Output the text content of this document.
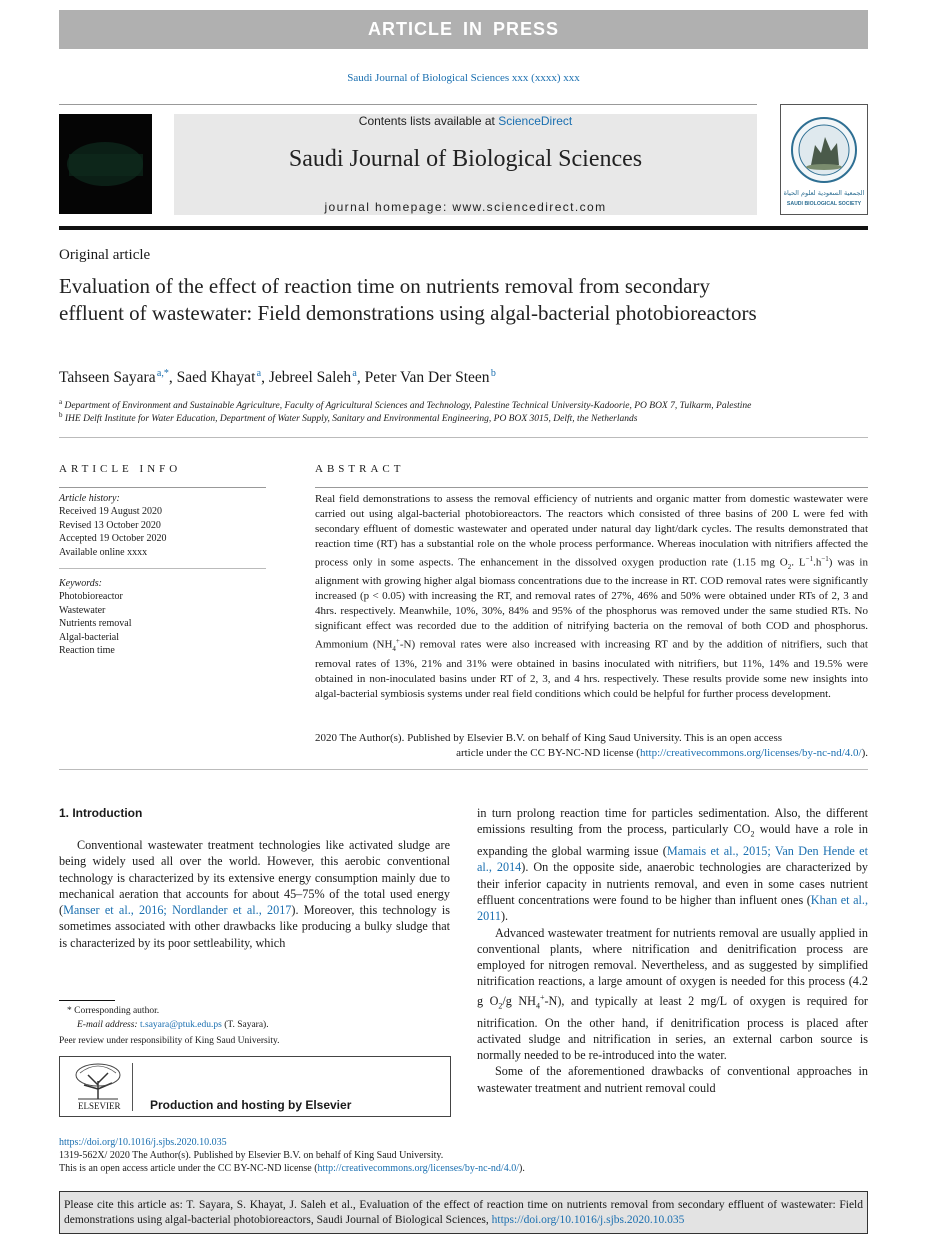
ARTICLE IN PRESS
Saudi Journal of Biological Sciences xxx (xxxx) xxx
Contents lists available at ScienceDirect
Saudi Journal of Biological Sciences
journal homepage: www.sciencedirect.com
الجمعية السعودية لعلوم الحياة
SAUDI BIOLOGICAL SOCIETY
Original article
Evaluation of the effect of reaction time on nutrients removal from secondary effluent of wastewater: Field demonstrations using algal-bacterial photobioreactors
Tahseen Sayara $^{a,*}$, Saed Khayat $^a$, Jebreel Saleh $^a$, Peter Van Der Steen $^b$
$^a$ Department of Environment and Sustainable Agriculture, Faculty of Agricultural Sciences and Technology, Palestine Technical University-Kadoorie, PO BOX 7, Tulkarm, Palestine
$^b$ IHE Delft Institute for Water Education, Department of Water Supply, Sanitary and Environmental Engineering, PO BOX 3015, Delft, the Netherlands
ARTICLE INFO	ABSTRACT
Article history:
Received 19 August 2020
Revised 13 October 2020
Accepted 19 October 2020
Available online xxxx
Keywords:
Photobioreactor
Wastewater
Nutrients removal
Algal-bacterial
Reaction time
Real field demonstrations to assess the removal efficiency of nutrients and organic matter from domestic wastewater were carried out using algal-bacterial photobioreactors. The reactors which consisted of three basins of 200 L were fed with secondary effluent of domestic wastewater and operated under natural day light/dark cycles. The results demonstrated that reaction time (RT) has a substantial role on the whole process performance. Whereas inoculation with nitrifiers affected the process only in some aspects. The enhancement in the dissolved oxygen production rate (1.15 mg $O_2$. $L^{-1}.h^{-1}$) was in alignment with growing higher algal biomass concentrations due to the increase in RT. COD removal rates were significantly increased (p < 0.05) with increasing the RT, and removal rates of 27%, 46% and 50% were obtained under RTs of 2, 3 and 4hrs. respectively. Meanwhile, 10%, 30%, 84% and 95% of the phosphorus was removed under the same studied RTs. No significant effect was recorded due to the addition of nitrifying bacteria on the removal of both COD and phosphorus. Ammonium $(NH_4^+-N)$ removal rates were also increased with increasing RT and by the addition of nitrifiers, such that removal rates of 13%, 21% and 31% were obtained in basins inoculated with nitrifiers, but 11%, 14% and 19.5% were obtained in non-inoculated basins under RT of 2, 3, and 4 hrs. respectively. These results provide some new insights into algal-bacterial symbiosis systems under real field conditions which could be helpful for further process development.
2020 The Author(s). Published by Elsevier B.V. on behalf of King Saud University. This is an open access
article under the CC BY-NC-ND license (http://creativecommons.org/licenses/by-nc-nd/4.0/).
1. Introduction

Conventional wastewater treatment technologies like activated sludge are being widely used all over the world. However, this aerobic conventional technology is characterized by its extensive energy consumption mainly due to mechanical aeration that accounts for about 45–75% of the total used energy (Manser et al., 2016; Nordlander et al., 2017). Moreover, this technology is sometimes associated with other drawbacks like producing a bulky sludge that is characterized by its poor settleability, which

in turn prolong reaction time for particles sedimentation. Also, the different emissions resulting from the process, particularly $CO_2$ would have a role in expanding the global warming issue (Mamais et al., 2015; Van Den Hende et al., 2014). On the opposite side, anaerobic technologies are characterized by their inferior capacity in nutrients removal, and even in some cases nutrient effluent concentrations were found to be higher than influent ones (Khan et al., 2011).

Advanced wastewater treatment for nutrients removal are usually applied in conventional plants, where nitrification and denitrification process are employed for nitrogen removal. Nevertheless, and as suggested by simplified nitrification reactions, a large amount of oxygen is needed for this process (4.2 g $O_2/g$ $NH_4^+-N$), and typically at least 2 mg/L of oxygen is required for nitrification. On the other hand, if denitrification process is placed after activated sludge and nitrification in series, an external carbon source is normally needed to be re-introduced into the water.

Some of the aforementioned drawbacks of conventional approaches in wastewater treatment and nutrient removal could

* Corresponding author.
E-mail address: t.sayara@ptuk.edu.ps (T. Sayara).
Peer review under responsibility of King Saud University.
ELSEVIER Production and hosting by Elsevier
https://doi.org/10.1016/j.sjbs.2020.10.035
1319-562X/ 2020 The Author(s). Published by Elsevier B.V. on behalf of King Saud University.
This is an open access article under the CC BY-NC-ND license (http://creativecommons.org/licenses/by-nc-nd/4.0/).
Please cite this article as: T. Sayara, S. Khayat, J. Saleh et al., Evaluation of the effect of reaction time on nutrients removal from secondary effluent of wastewater: Field demonstrations using algal-bacterial photobioreactors, Saudi Journal of Biological Sciences, https://doi.org/10.1016/j.sjbs.2020.10.035
